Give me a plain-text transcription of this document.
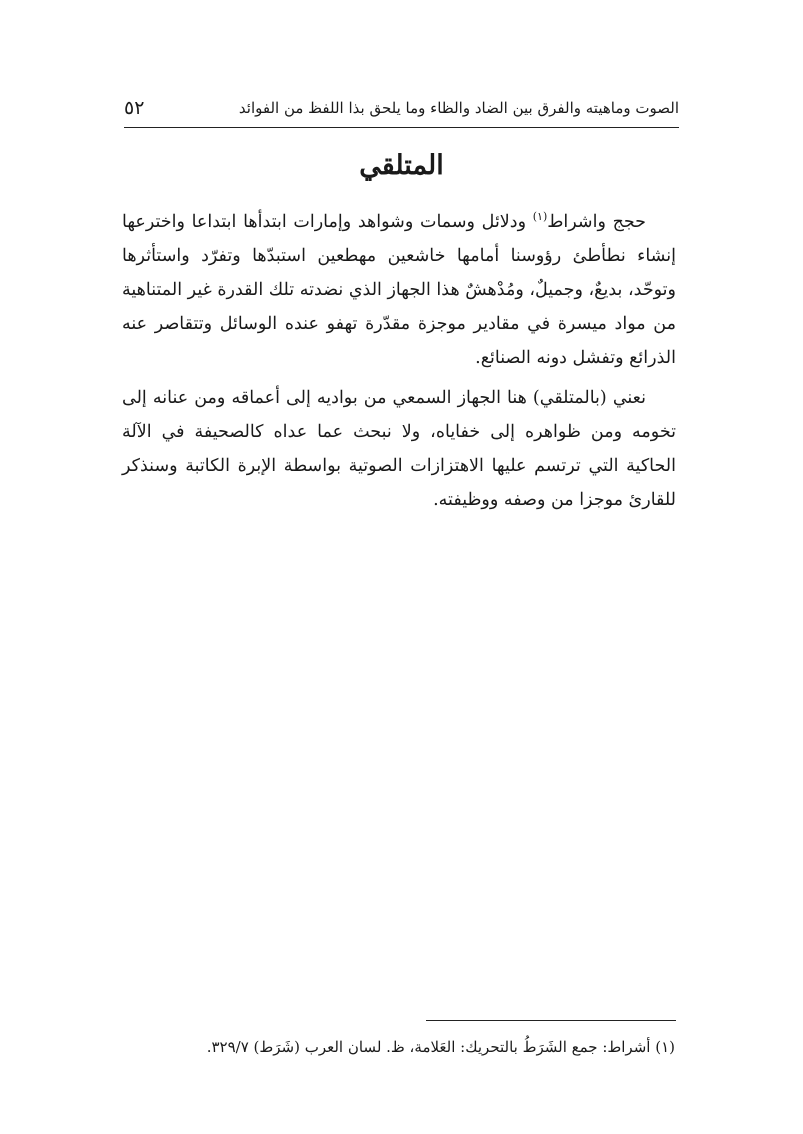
الصوت وماهيته والفرق بين الضاد والظاء وما يلحق بذا اللفظ من الفوائد
٥٢
المتلقي

حجج واشراط$^{(١)}$ ودلائل وسمات وشواهد وإمارات ابتدأها ابتداعا واخترعها إنشاء نطأطئ رؤوسنا أمامها خاشعين مهطعين استبدّها وتفرّد واستأثرها وتوحّد، بديعٌ، وجميلٌ، ومُدْهشٌ هذا الجهاز الذي نضدته تلك القدرة غير المتناهية من مواد ميسرة في مقادير موجزة مقدّرة تهفو عنده الوسائل وتتقاصر عنه الذرائع وتفشل دونه الصنائع.

نعني (بالمتلقي) هنا الجهاز السمعي من بواديه إلى أعماقه ومن عنانه إلى تخومه ومن ظواهره إلى خفاياه، ولا نبحث عما عداه كالصحيفة في الآلة الحاكية التي ترتسم عليها الاهتزازات الصوتية بواسطة الإبرة الكاتبة وسنذكر للقارئ موجزا من وصفه ووظيفته.

(١) أشراط: جمع الشَرَطُ بالتحريك: العَلامة، ظ. لسان العرب (شَرَط) ٣٢٩/٧.
